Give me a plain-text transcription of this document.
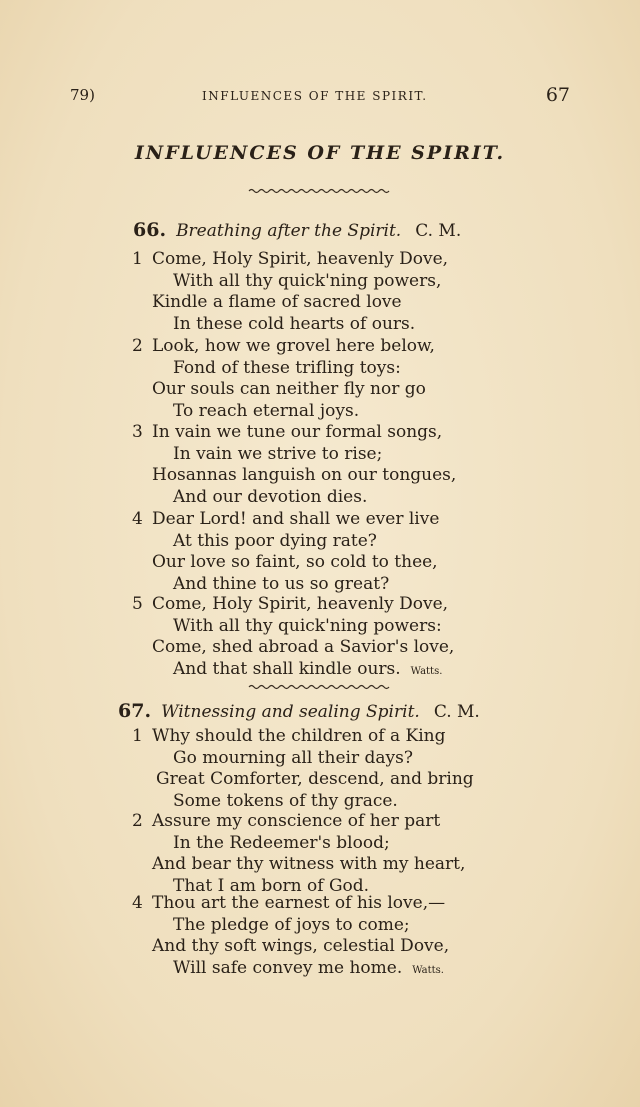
79)	INFLUENCES OF THE SPIRIT.	67
INFLUENCES OF THE SPIRIT.
66. Breathing after the Spirit. C. M.
1 Come, Holy Spirit, heavenly Dove,
With all thy quick'ning powers,
Kindle a flame of sacred love
In these cold hearts of ours.
2 Look, how we grovel here below,
Fond of these trifling toys:
Our souls can neither fly nor go
To reach eternal joys.
3 In vain we tune our formal songs,
In vain we strive to rise;
Hosannas languish on our tongues,
And our devotion dies.
4 Dear Lord! and shall we ever live
At this poor dying rate?
Our love so faint, so cold to thee,
And thine to us so great?
5 Come, Holy Spirit, heavenly Dove,
With all thy quick'ning powers:
Come, shed abroad a Savior's love,
And that shall kindle ours. Watts.
67. Witnessing and sealing Spirit. C. M.
1 Why should the children of a King
Go mourning all their days?
Great Comforter, descend, and bring
Some tokens of thy grace.
2 Assure my conscience of her part
In the Redeemer's blood;
And bear thy witness with my heart,
That I am born of God.
4 Thou art the earnest of his love,—
The pledge of joys to come;
And thy soft wings, celestial Dove,
Will safe convey me home. Watts.
